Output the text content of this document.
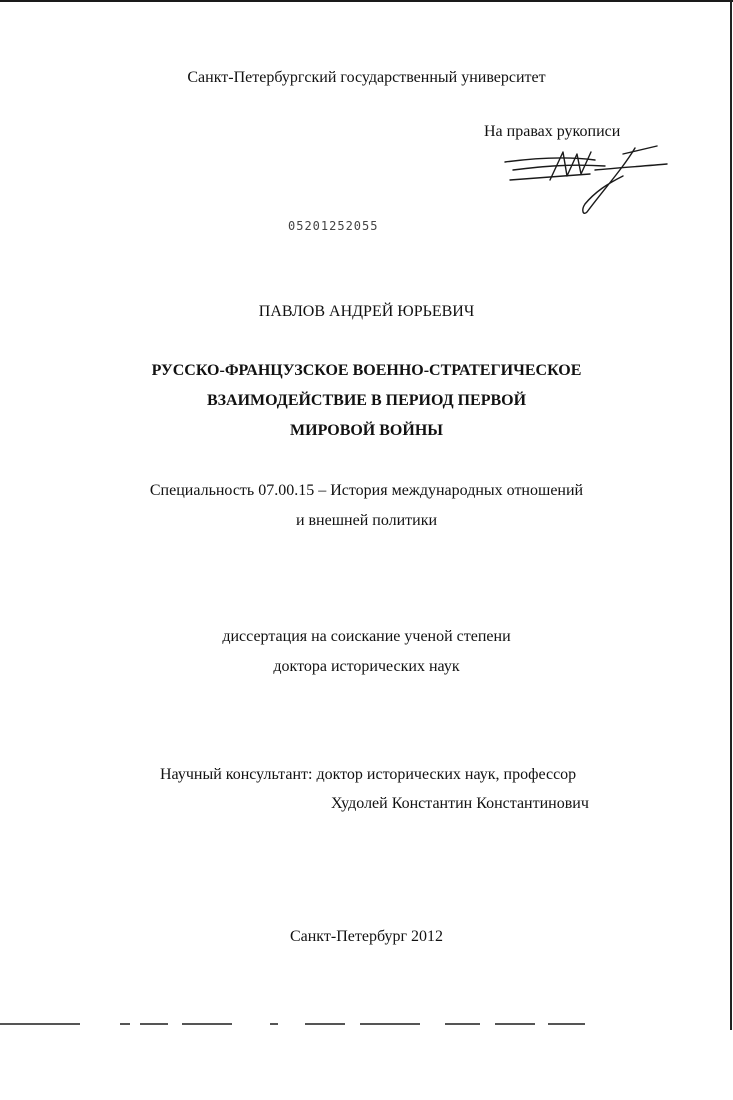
Санкт-Петербургский государственный университет
На правах рукописи
05201252055
ПАВЛОВ АНДРЕЙ ЮРЬЕВИЧ
РУССКО-ФРАНЦУЗСКОЕ ВОЕННО-СТРАТЕГИЧЕСКОЕ
ВЗАИМОДЕЙСТВИЕ В ПЕРИОД ПЕРВОЙ
МИРОВОЙ ВОЙНЫ
Специальность 07.00.15 – История международных отношений
и внешней политики
диссертация на соискание ученой степени
доктора исторических наук
Научный консультант: доктор исторических наук, профессор
Худолей Константин Константинович
Санкт-Петербург 2012
